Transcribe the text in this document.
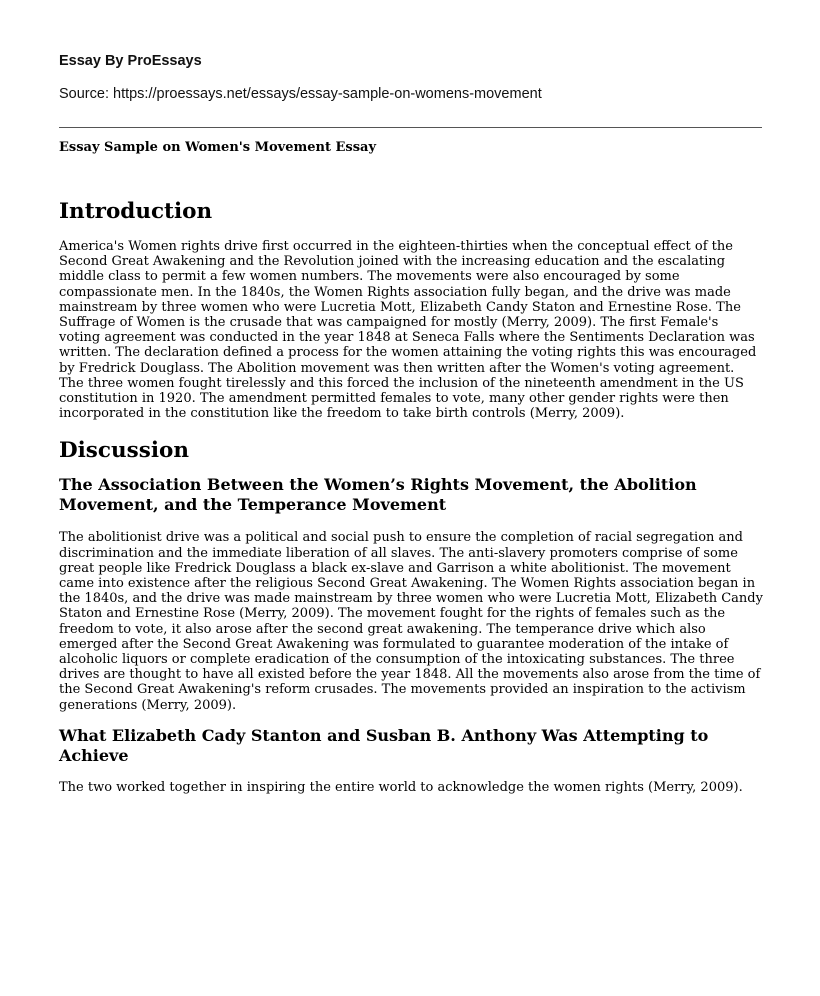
Essay By ProEssays
Source: https://proessays.net/essays/essay-sample-on-womens-movement
Essay Sample on Women's Movement Essay
Introduction

America's Women rights drive first occurred in the eighteen-thirties when the conceptual effect of the Second Great Awakening and the Revolution joined with the increasing education and the escalating middle class to permit a few women numbers. The movements were also encouraged by some compassionate men. In the 1840s, the Women Rights association fully began, and the drive was made mainstream by three women who were Lucretia Mott, Elizabeth Candy Staton and Ernestine Rose. The Suffrage of Women is the crusade that was campaigned for mostly (Merry, 2009). The first Female's voting agreement was conducted in the year 1848 at Seneca Falls where the Sentiments Declaration was written. The declaration defined a process for the women attaining the voting rights this was encouraged by Fredrick Douglass. The Abolition movement was then written after the Women's voting agreement. The three women fought tirelessly and this forced the inclusion of the nineteenth amendment in the US constitution in 1920. The amendment permitted females to vote, many other gender rights were then incorporated in the constitution like the freedom to take birth controls (Merry, 2009).

Discussion
The Association Between the Women’s Rights Movement, the Abolition Movement, and the Temperance Movement

The abolitionist drive was a political and social push to ensure the completion of racial segregation and discrimination and the immediate liberation of all slaves. The anti-slavery promoters comprise of some great people like Fredrick Douglass a black ex-slave and Garrison a white abolitionist. The movement came into existence after the religious Second Great Awakening. The Women Rights association began in the 1840s, and the drive was made mainstream by three women who were Lucretia Mott, Elizabeth Candy Staton and Ernestine Rose (Merry, 2009). The movement fought for the rights of females such as the freedom to vote, it also arose after the second great awakening. The temperance drive which also emerged after the Second Great Awakening was formulated to guarantee moderation of the intake of alcoholic liquors or complete eradication of the consumption of the intoxicating substances. The three drives are thought to have all existed before the year 1848. All the movements also arose from the time of the Second Great Awakening's reform crusades. The movements provided an inspiration to the activism generations (Merry, 2009).

What Elizabeth Cady Stanton and Susban B. Anthony Was Attempting to Achieve

The two worked together in inspiring the entire world to acknowledge the women rights (Merry, 2009).
